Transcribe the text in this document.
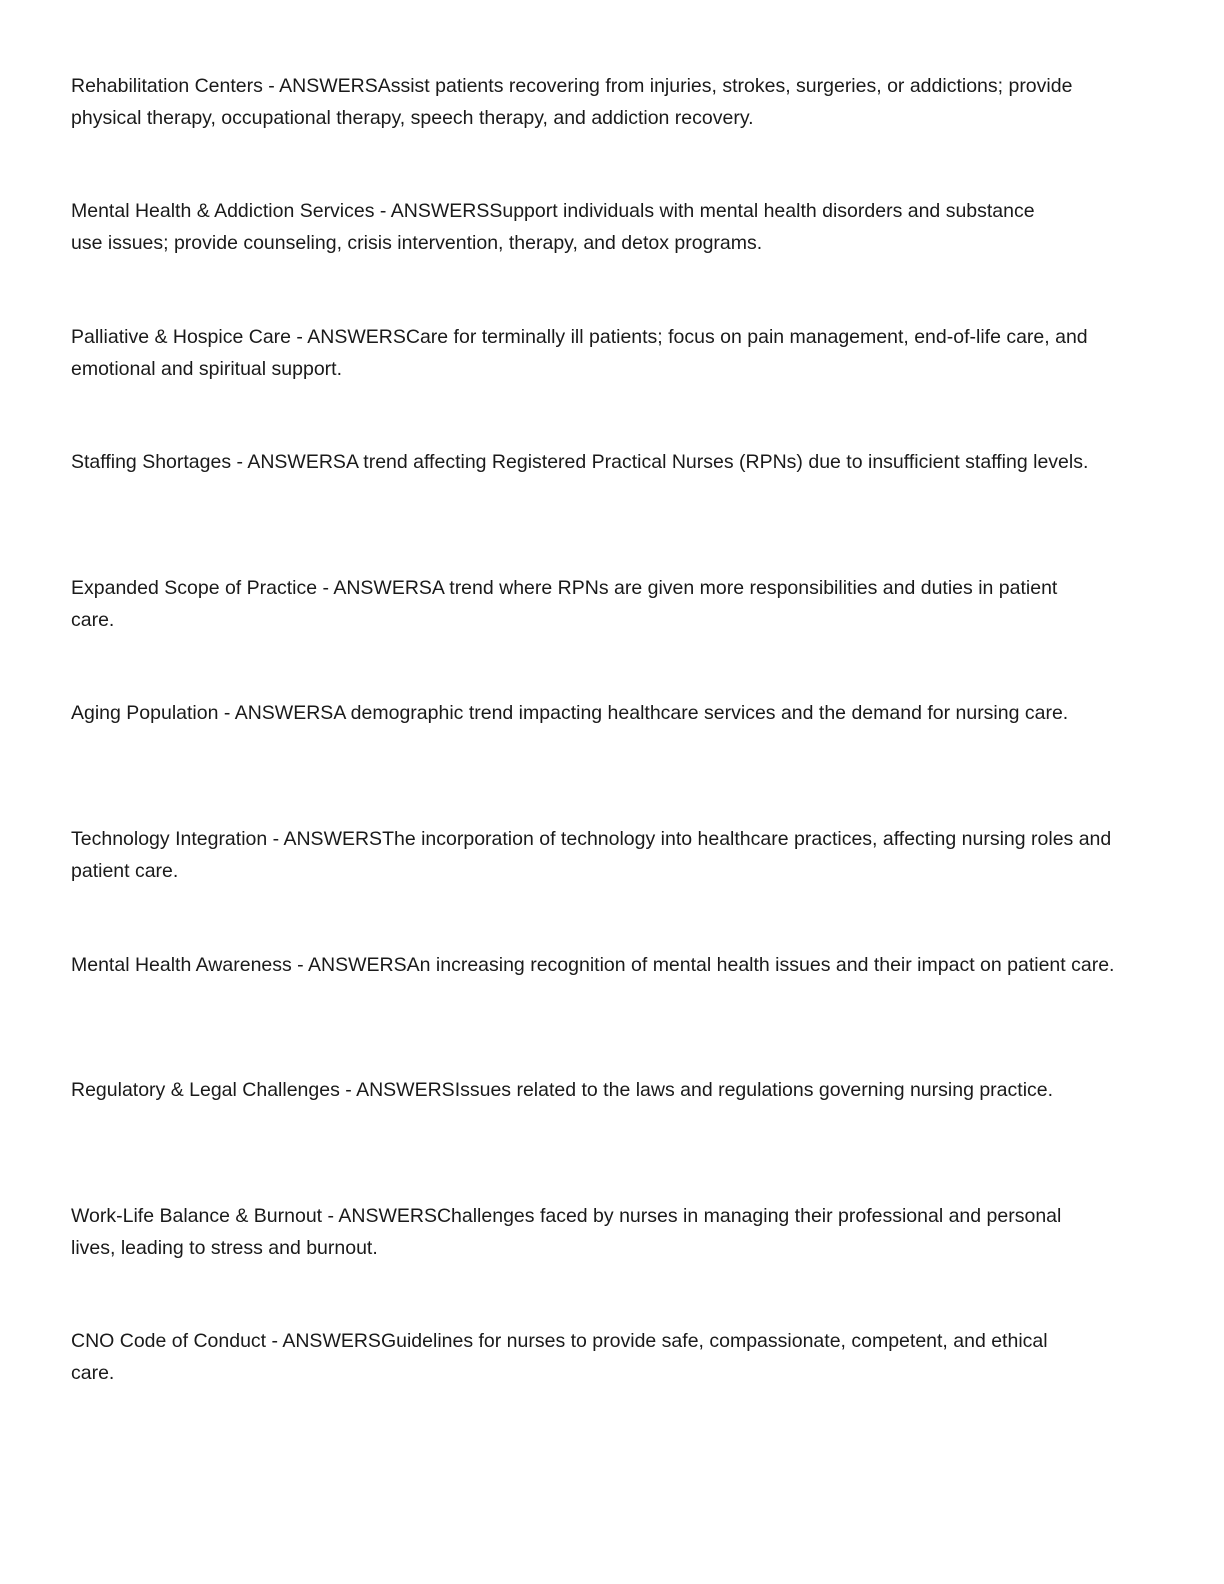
Rehabilitation Centers - ANSWERSAssist patients recovering from injuries, strokes, surgeries, or addictions; provide physical therapy, occupational therapy, speech therapy, and addiction recovery.

Mental Health & Addiction Services - ANSWERSSupport individuals with mental health disorders and substance use issues; provide counseling, crisis intervention, therapy, and detox programs.

Palliative & Hospice Care - ANSWERSCare for terminally ill patients; focus on pain management, end-of-life care, and emotional and spiritual support.

Staffing Shortages - ANSWERSA trend affecting Registered Practical Nurses (RPNs) due to insufficient staffing levels.

Expanded Scope of Practice - ANSWERSA trend where RPNs are given more responsibilities and duties in patient care.

Aging Population - ANSWERSA demographic trend impacting healthcare services and the demand for nursing care.

Technology Integration - ANSWERSThe incorporation of technology into healthcare practices, affecting nursing roles and patient care.

Mental Health Awareness - ANSWERSAn increasing recognition of mental health issues and their impact on patient care.

Regulatory & Legal Challenges - ANSWERSIssues related to the laws and regulations governing nursing practice.

Work-Life Balance & Burnout - ANSWERSChallenges faced by nurses in managing their professional and personal lives, leading to stress and burnout.

CNO Code of Conduct - ANSWERSGuidelines for nurses to provide safe, compassionate, competent, and ethical care.
